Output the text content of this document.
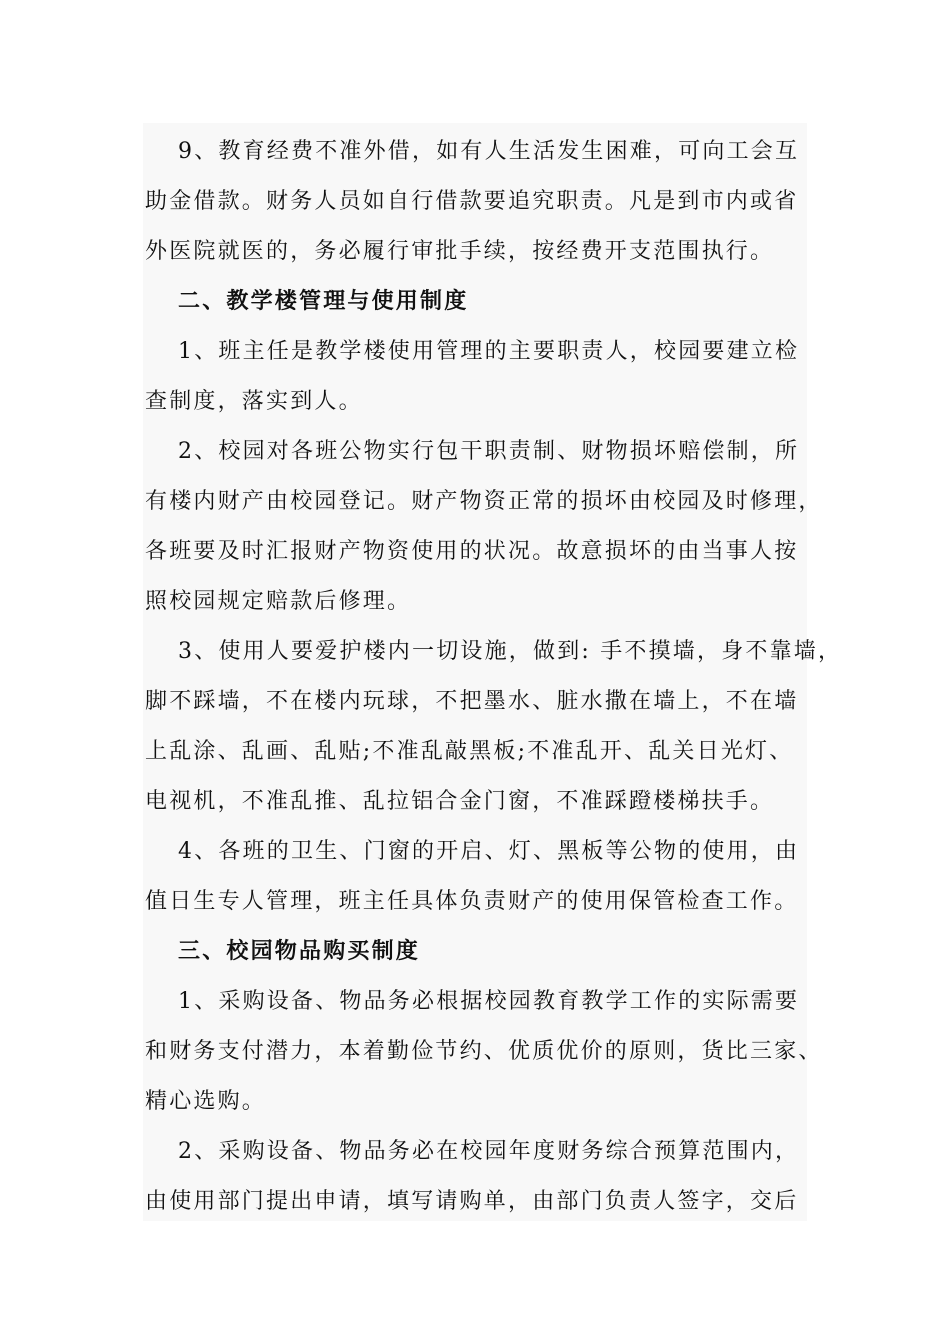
9、教育经费不准外借，如有人生活发生困难，可向工会互
助金借款。财务人员如自行借款要追究职责。凡是到市内或省
外医院就医的，务必履行审批手续，按经费开支范围执行。
二、教学楼管理与使用制度
1、班主任是教学楼使用管理的主要职责人，校园要建立检
查制度，落实到人。
2、校园对各班公物实行包干职责制、财物损坏赔偿制，所
有楼内财产由校园登记。财产物资正常的损坏由校园及时修理，
各班要及时汇报财产物资使用的状况。故意损坏的由当事人按
照校园规定赔款后修理。
3、使用人要爱护楼内一切设施，做到: 手不摸墙，身不靠墙，
脚不踩墙，不在楼内玩球，不把墨水、脏水撒在墙上，不在墙
上乱涂、乱画、乱贴;不准乱敲黑板;不准乱开、乱关日光灯、
电视机，不准乱推、乱拉铝合金门窗，不准踩蹬楼梯扶手。
4、各班的卫生、门窗的开启、灯、黑板等公物的使用，由
值日生专人管理，班主任具体负责财产的使用保管检查工作。
三、校园物品购买制度
1、采购设备、物品务必根据校园教育教学工作的实际需要
和财务支付潜力，本着勤俭节约、优质优价的原则，货比三家、
精心选购。
2、采购设备、物品务必在校园年度财务综合预算范围内，
由使用部门提出申请，填写请购单，由部门负责人签字，交后
